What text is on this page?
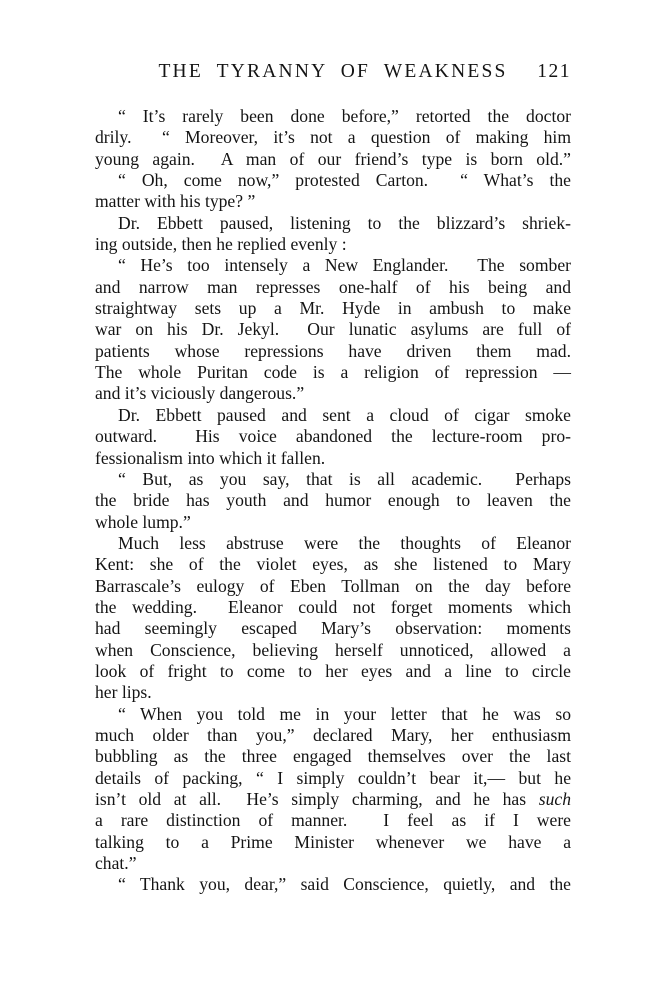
THE TYRANNY OF WEAKNESS 121
“ It’s rarely been done before,” retorted the doctor
drily.  “ Moreover, it’s not a question of making him
young again.  A man of our friend’s type is born old.”
“ Oh, come now,” protested Carton.  “ What’s the
matter with his type? ”
Dr. Ebbett paused, listening to the blizzard’s shriek-
ing outside, then he replied evenly :
“ He’s too intensely a New Englander.  The somber
and narrow man represses one-half of his being and
straightway sets up a Mr. Hyde in ambush to make
war on his Dr. Jekyl.  Our lunatic asylums are full of
patients whose repressions have driven them mad.
The whole Puritan code is a religion of repression —
and it’s viciously dangerous.”
Dr. Ebbett paused and sent a cloud of cigar smoke
outward.  His voice abandoned the lecture-room pro-
fessionalism into which it fallen.
“ But, as you say, that is all academic.  Perhaps
the bride has youth and humor enough to leaven the
whole lump.”
Much less abstruse were the thoughts of Eleanor
Kent: she of the violet eyes, as she listened to Mary
Barrascale’s eulogy of Eben Tollman on the day before
the wedding.  Eleanor could not forget moments which
had seemingly escaped Mary’s observation: moments
when Conscience, believing herself unnoticed, allowed a
look of fright to come to her eyes and a line to circle
her lips.
“ When you told me in your letter that he was so
much older than you,” declared Mary, her enthusiasm
bubbling as the three engaged themselves over the last
details of packing, “ I simply couldn’t bear it,— but he
isn’t old at all.  He’s simply charming, and he has such
a rare distinction of manner.  I feel as if I were
talking to a Prime Minister whenever we have a
chat.”
“ Thank you, dear,” said Conscience, quietly, and the
